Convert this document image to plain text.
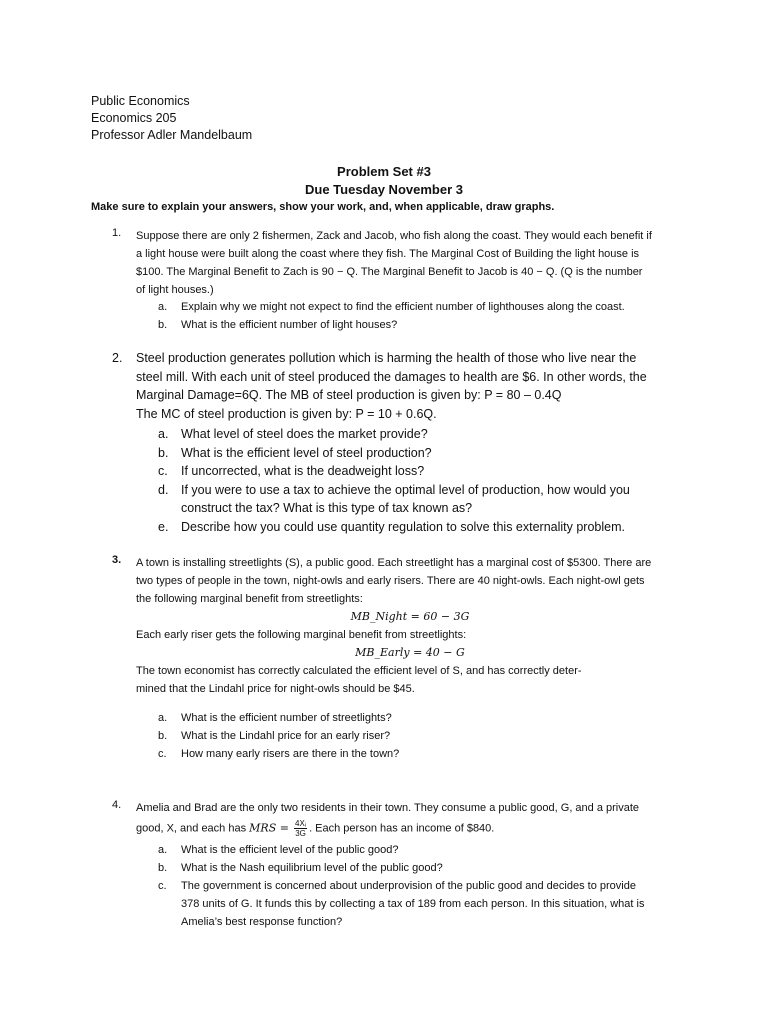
Public Economics
Economics 205
Professor Adler Mandelbaum
Problem Set #3
Due Tuesday November 3
Make sure to explain your answers, show your work, and, when applicable, draw graphs.
1. Suppose there are only 2 fishermen, Zack and Jacob, who fish along the coast. They would each benefit if
a light house were built along the coast where they fish. The Marginal Cost of Building the light house is
$100. The Marginal Benefit to Zach is 90 − Q. The Marginal Benefit to Jacob is 40 − Q. (Q is the number
of light houses.)
a. Explain why we might not expect to find the efficient number of lighthouses along the coast.
b. What is the efficient number of light houses?
2. Steel production generates pollution which is harming the health of those who live near the
steel mill. With each unit of steel produced the damages to health are $6. In other words, the
Marginal Damage=6Q. The MB of steel production is given by: P = 80 – 0.4Q
The MC of steel production is given by: P = 10 + 0.6Q.
a. What level of steel does the market provide?
b. What is the efficient level of steel production?
c. If uncorrected, what is the deadweight loss?
d. If you were to use a tax to achieve the optimal level of production, how would you
construct the tax? What is this type of tax known as?
e. Describe how you could use quantity regulation to solve this externality problem.
3. A town is installing streetlights (S), a public good. Each streetlight has a marginal cost of $5300. There are
two types of people in the town, night-owls and early risers. There are 40 night-owls. Each night-owl gets
the following marginal benefit from streetlights:
MB_Night = 60 − 3G
Each early riser gets the following marginal benefit from streetlights:
MB_Early = 40 − G
The town economist has correctly calculated the efficient level of S, and has correctly deter-
mined that the Lindahl price for night-owls should be $45.
a. What is the efficient number of streetlights?
b. What is the Lindahl price for an early riser?
c. How many early risers are there in the town?
4. Amelia and Brad are the only two residents in their town. They consume a public good, G, and a private
good, X, and each has MRS = $\frac{\text{4Xᵢ}}{3G}$ . Each person has an income of $840.
a. What is the efficient level of the public good?
b. What is the Nash equilibrium level of the public good?
c. The government is concerned about underprovision of the public good and decides to provide
378 units of G. It funds this by collecting a tax of 189 from each person. In this situation, what is
Amelia’s best response function?
